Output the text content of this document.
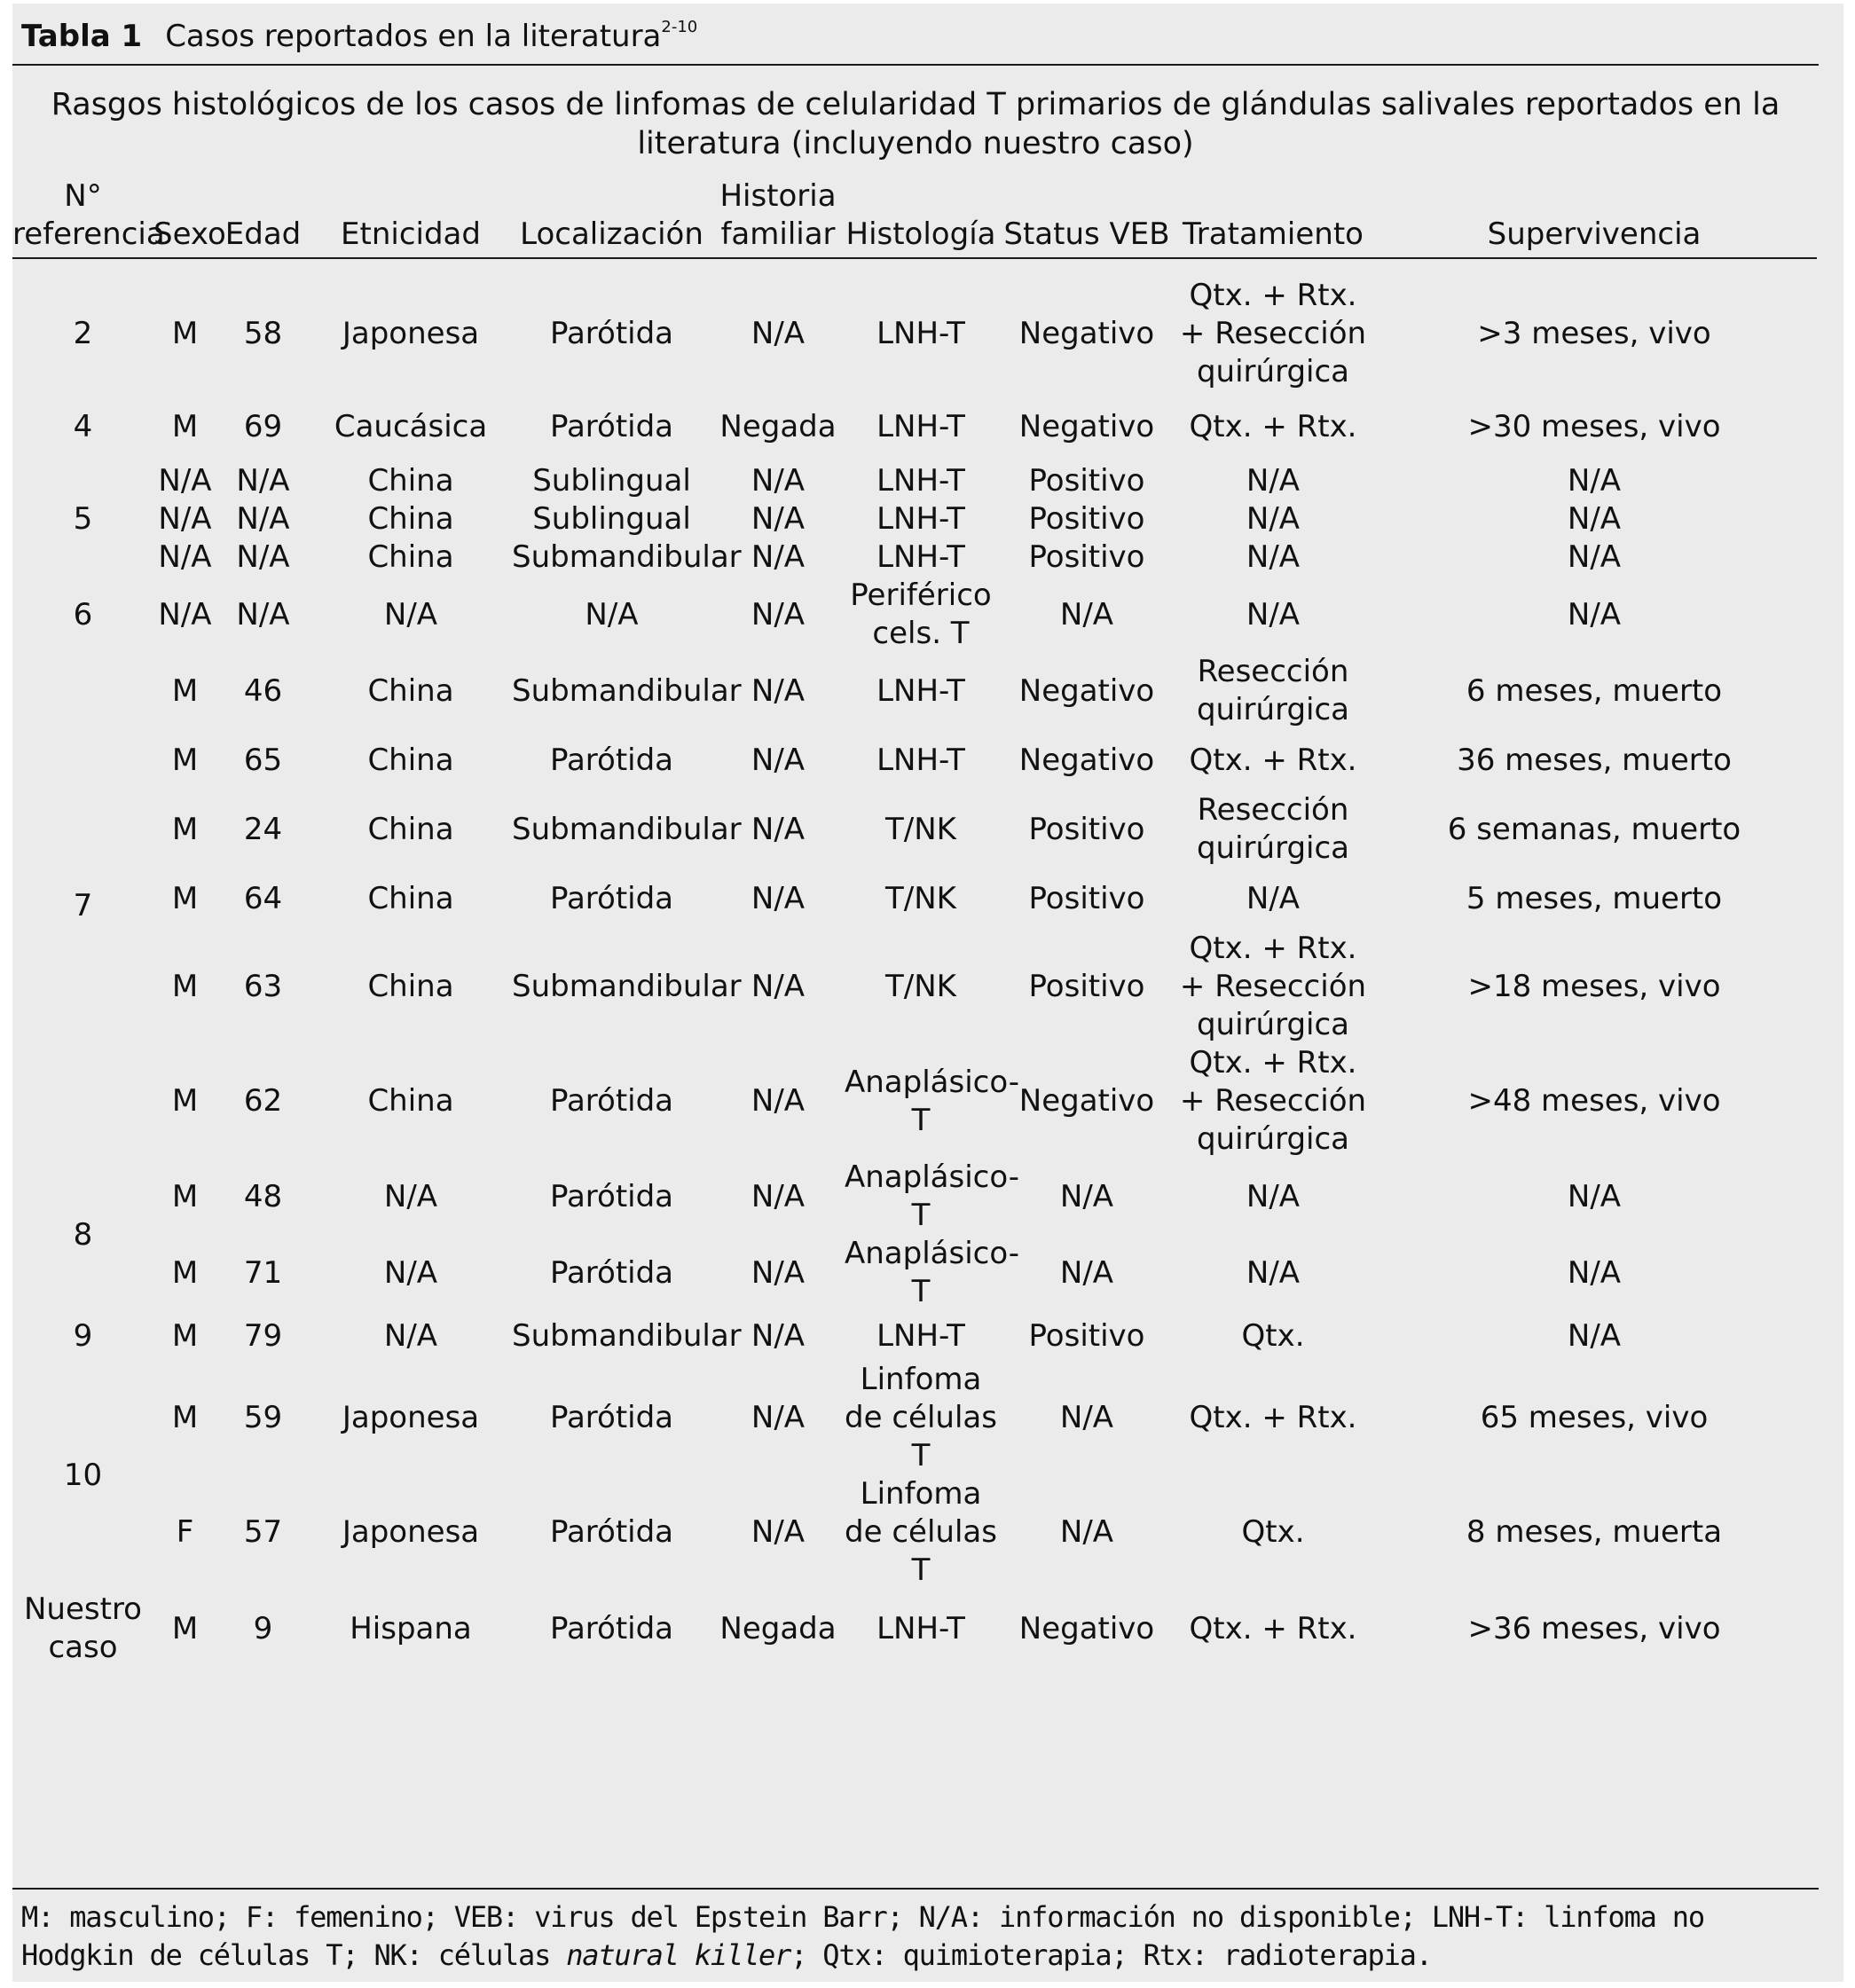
Tabla 1 Casos reportados en la literatura$^{2-10}$
Rasgos histológicos de los casos de linfomas de celularidad T primarios de glándulas salivales reportados en la literatura (incluyendo nuestro caso)
N° referencia	Sexo	Edad	Etnicidad	Localización	Historia familiar	Histología	Status VEB	Tratamiento	Supervivencia

2	M	58	Japonesa	Parótida	N/A	LNH-T	Negativo	Qtx. + Rtx. + Resección quirúrgica	>3 meses, vivo
4	M	69	Caucásica	Parótida	Negada	LNH-T	Negativo	Qtx. + Rtx.	>30 meses, vivo
5	N/A	N/A	China	Sublingual	N/A	LNH-T	Positivo	N/A	N/A
	N/A	N/A	China	Sublingual	N/A	LNH-T	Positivo	N/A	N/A
	N/A	N/A	China	Submandibular	N/A	LNH-T	Positivo	N/A	N/A
6	N/A	N/A	N/A	N/A	N/A	Periférico cels. T	N/A	N/A	N/A
7	M	46	China	Submandibular	N/A	LNH-T	Negativo	Resección quirúrgica	6 meses, muerto
	M	65	China	Parótida	N/A	LNH-T	Negativo	Qtx. + Rtx.	36 meses, muerto
	M	24	China	Submandibular	N/A	T/NK	Positivo	Resección quirúrgica	6 semanas, muerto
	M	64	China	Parótida	N/A	T/NK	Positivo	N/A	5 meses, muerto
	M	63	China	Submandibular	N/A	T/NK	Positivo	Qtx. + Rtx. + Resección quirúrgica	>18 meses, vivo
	M	62	China	Parótida	N/A	Anaplásico-T	Negativo	Qtx. + Rtx. + Resección quirúrgica	>48 meses, vivo
8	M	48	N/A	Parótida	N/A	Anaplásico-T	N/A	N/A	N/A
	M	71	N/A	Parótida	N/A	Anaplásico-T	N/A	N/A	N/A
9	M	79	N/A	Submandibular	N/A	LNH-T	Positivo	Qtx.	N/A
10	M	59	Japonesa	Parótida	N/A	Linfoma de células T	N/A	Qtx. + Rtx.	65 meses, vivo
	F	57	Japonesa	Parótida	N/A	Linfoma de células T	N/A	Qtx.	8 meses, muerta
Nuestro caso	M	9	Hispana	Parótida	Negada	LNH-T	Negativo	Qtx. + Rtx.	>36 meses, vivo
M: masculino; F: femenino; VEB: virus del Epstein Barr; N/A: información no disponible; LNH-T: linfoma no Hodgkin de células T; NK: células natural killer; Qtx: quimioterapia; Rtx: radioterapia.
